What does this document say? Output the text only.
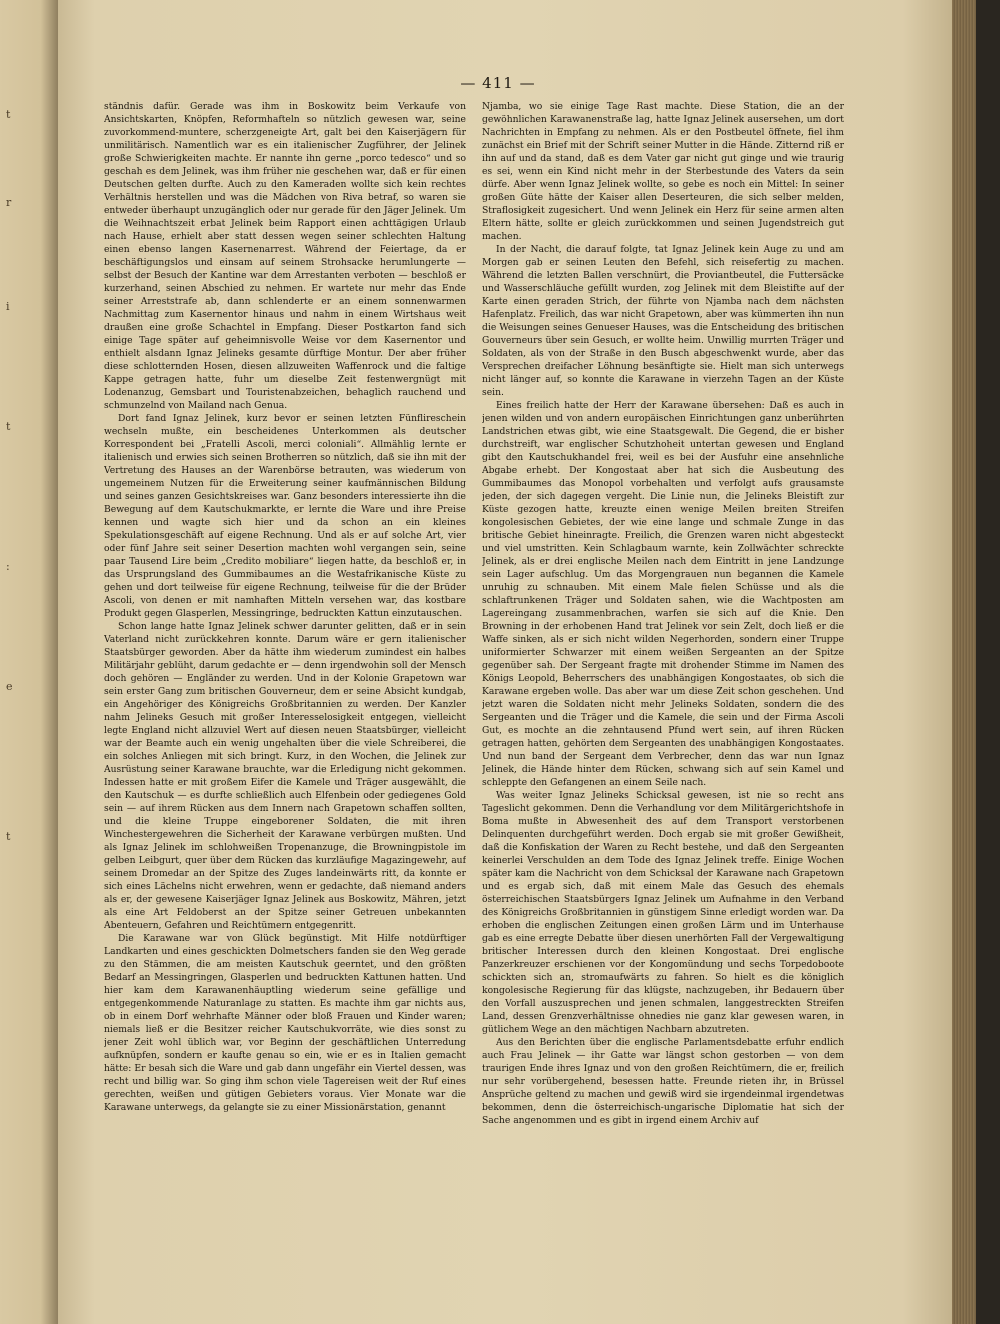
t
r
i
t
:
e
t
— 411 —

ständnis dafür. Gerade was ihm in Boskowitz beim Verkaufe von Ansichtskarten, Knöpfen, Reformhafteln so nützlich gewesen war, seine zuvorkommend-muntere, scherzgeneigte Art, galt bei den Kaiserjägern für unmilitärisch. Namentlich war es ein italienischer Zugführer, der Jelinek große Schwierigkeiten machte. Er nannte ihn gerne „porco tedesco“ und so geschah es dem Jelinek, was ihm früher nie geschehen war, daß er für einen Deutschen gelten durfte. Auch zu den Kameraden wollte sich kein rechtes Verhältnis herstellen und was die Mädchen von Riva betraf, so waren sie entweder überhaupt unzugänglich oder nur gerade für den Jäger Jelinek. Um die Weihnachtszeit erbat Jelinek beim Rapport einen achttägigen Urlaub nach Hause, erhielt aber statt dessen wegen seiner schlechten Haltung einen ebenso langen Kasernenarrest. Während der Feiertage, da er beschäftigungslos und einsam auf seinem Strohsacke herumlungerte — selbst der Besuch der Kantine war dem Arrestanten verboten — beschloß er kurzerhand, seinen Abschied zu nehmen. Er wartete nur mehr das Ende seiner Arreststrafe ab, dann schlenderte er an einem sonnenwarmen Nachmittag zum Kasernentor hinaus und nahm in einem Wirtshaus weit draußen eine große Schachtel in Empfang. Dieser Postkarton fand sich einige Tage später auf geheimnisvolle Weise vor dem Kasernentor und enthielt alsdann Ignaz Jelineks gesamte dürftige Montur. Der aber früher diese schlotternden Hosen, diesen allzuweiten Waffenrock und die faltige Kappe getragen hatte, fuhr um dieselbe Zeit festenwergnügt mit Lodenanzug, Gemsbart und Touristenabzeichen, behaglich rauchend und schmunzelnd von Mailand nach Genua.

Dort fand Ignaz Jelinek, kurz bevor er seinen letzten Fünflireschein wechseln mußte, ein bescheidenes Unterkommen als deutscher Korrespondent bei „Fratelli Ascoli, merci coloniali“. Allmählig lernte er italienisch und erwies sich seinen Brotherren so nützlich, daß sie ihn mit der Vertretung des Hauses an der Warenbörse betrauten, was wiederum von ungemeinem Nutzen für die Erweiterung seiner kaufmännischen Bildung und seines ganzen Gesichtskreises war. Ganz besonders interessierte ihn die Bewegung auf dem Kautschukmarkte, er lernte die Ware und ihre Preise kennen und wagte sich hier und da schon an ein kleines Spekulationsgeschäft auf eigene Rechnung. Und als er auf solche Art, vier oder fünf Jahre seit seiner Desertion machten wohl vergangen sein, seine paar Tausend Lire beim „Credito mobiliare“ liegen hatte, da beschloß er, in das Ursprungsland des Gummibaumes an die Westafrikanische Küste zu gehen und dort teilweise für eigene Rechnung, teilweise für die der Brüder Ascoli, von denen er mit namhaften Mitteln versehen war, das kostbare Produkt gegen Glasperlen, Messingringe, bedruckten Kattun einzutauschen.

Schon lange hatte Ignaz Jelinek schwer darunter gelitten, daß er in sein Vaterland nicht zurückkehren konnte. Darum wäre er gern italienischer Staatsbürger geworden. Aber da hätte ihm wiederum zumindest ein halbes Militärjahr geblüht, darum gedachte er — denn irgendwohin soll der Mensch doch gehören — Engländer zu werden. Und in der Kolonie Grapetown war sein erster Gang zum britischen Gouverneur, dem er seine Absicht kundgab, ein Angehöriger des Königreichs Großbritannien zu werden. Der Kanzler nahm Jelineks Gesuch mit großer Interesselosigkeit entgegen, vielleicht legte England nicht allzuviel Wert auf diesen neuen Staatsbürger, vielleicht war der Beamte auch ein wenig ungehalten über die viele Schreiberei, die ein solches Anliegen mit sich bringt. Kurz, in den Wochen, die Jelinek zur Ausrüstung seiner Karawane brauchte, war die Erledigung nicht gekommen. Indessen hatte er mit großem Eifer die Kamele und Träger ausgewählt, die den Kautschuk — es durfte schließlich auch Elfenbein oder gediegenes Gold sein — auf ihrem Rücken aus dem Innern nach Grapetown schaffen sollten, und die kleine Truppe eingeborener Soldaten, die mit ihren Winchestergewehren die Sicherheit der Karawane verbürgen mußten. Und als Ignaz Jelinek im schlohweißen Tropenanzuge, die Browningpistole im gelben Leibgurt, quer über dem Rücken das kurzläufige Magazingewehr, auf seinem Dromedar an der Spitze des Zuges landeinwärts ritt, da konnte er sich eines Lächelns nicht erwehren, wenn er gedachte, daß niemand anders als er, der gewesene Kaiserjäger Ignaz Jelinek aus Boskowitz, Mähren, jetzt als eine Art Feldoberst an der Spitze seiner Getreuen unbekannten Abenteuern, Gefahren und Reichtümern entgegenritt.

Die Karawane war von Glück begünstigt. Mit Hilfe notdürftiger Landkarten und eines geschickten Dolmetschers fanden sie den Weg gerade zu den Stämmen, die am meisten Kautschuk geerntet, und den größten Bedarf an Messingringen, Glasperlen und bedruckten Kattunen hatten. Und hier kam dem Karawanenhäuptling wiederum seine gefällige und entgegenkommende Naturanlage zu statten. Es machte ihm gar nichts aus, ob in einem Dorf wehrhafte Männer oder bloß Frauen und Kinder waren; niemals ließ er die Besitzer reicher Kautschukvorräte, wie dies sonst zu jener Zeit wohl üblich war, vor Beginn der geschäftlichen Unterredung aufknüpfen, sondern er kaufte genau so ein, wie er es in Italien gemacht hätte: Er besah sich die Ware und gab dann ungefähr ein Viertel dessen, was recht und billig war. So ging ihm schon viele Tagereisen weit der Ruf eines gerechten, weißen und gütigen Gebieters voraus. Vier Monate war die Karawane unterwegs, da gelangte sie zu einer Missionärstation, genannt

Njamba, wo sie einige Tage Rast machte. Diese Station, die an der gewöhnlichen Karawanenstraße lag, hatte Ignaz Jelinek ausersehen, um dort Nachrichten in Empfang zu nehmen. Als er den Postbeutel öffnete, fiel ihm zunächst ein Brief mit der Schrift seiner Mutter in die Hände. Zitternd riß er ihn auf und da stand, daß es dem Vater gar nicht gut ginge und wie traurig es sei, wenn ein Kind nicht mehr in der Sterbestunde des Vaters da sein dürfe. Aber wenn Ignaz Jelinek wollte, so gebe es noch ein Mittel: In seiner großen Güte hätte der Kaiser allen Deserteuren, die sich selber melden, Straflosigkeit zugesichert. Und wenn Jelinek ein Herz für seine armen alten Eltern hätte, sollte er gleich zurückkommen und seinen Jugendstreich gut machen.

In der Nacht, die darauf folgte, tat Ignaz Jelinek kein Auge zu und am Morgen gab er seinen Leuten den Befehl, sich reisefertig zu machen. Während die letzten Ballen verschnürt, die Proviantbeutel, die Futtersäcke und Wasserschläuche gefüllt wurden, zog Jelinek mit dem Bleistifte auf der Karte einen geraden Strich, der führte von Njamba nach dem nächsten Hafenplatz. Freilich, das war nicht Grapetown, aber was kümmerten ihn nun die Weisungen seines Genueser Hauses, was die Entscheidung des britischen Gouverneurs über sein Gesuch, er wollte heim. Unwillig murrten Träger und Soldaten, als von der Straße in den Busch abgeschwenkt wurde, aber das Versprechen dreifacher Löhnung besänftigte sie. Hielt man sich unterwegs nicht länger auf, so konnte die Karawane in vierzehn Tagen an der Küste sein.

Eines freilich hatte der Herr der Karawane übersehen: Daß es auch in jenen wilden und von andern europäischen Einrichtungen ganz unberührten Landstrichen etwas gibt, wie eine Staatsgewalt. Die Gegend, die er bisher durchstreift, war englischer Schutzhoheit untertan gewesen und England gibt den Kautschukhandel frei, weil es bei der Ausfuhr eine ansehnliche Abgabe erhebt. Der Kongostaat aber hat sich die Ausbeutung des Gummibaumes das Monopol vorbehalten und verfolgt aufs grausamste jeden, der sich dagegen vergeht. Die Linie nun, die Jelineks Bleistift zur Küste gezogen hatte, kreuzte einen wenige Meilen breiten Streifen kongolesischen Gebietes, der wie eine lange und schmale Zunge in das britische Gebiet hineinragte. Freilich, die Grenzen waren nicht abgesteckt und viel umstritten. Kein Schlagbaum warnte, kein Zollwächter schreckte Jelinek, als er drei englische Meilen nach dem Eintritt in jene Landzunge sein Lager aufschlug. Um das Morgengrauen nun begannen die Kamele unruhig zu schnauben. Mit einem Male fielen Schüsse und als die schlaftrunkenen Träger und Soldaten sahen, wie die Wachtposten am Lagereingang zusammenbrachen, warfen sie sich auf die Knie. Den Browning in der erhobenen Hand trat Jelinek vor sein Zelt, doch ließ er die Waffe sinken, als er sich nicht wilden Negerhorden, sondern einer Truppe uniformierter Schwarzer mit einem weißen Sergeanten an der Spitze gegenüber sah. Der Sergeant fragte mit drohender Stimme im Namen des Königs Leopold, Beherrschers des unabhängigen Kongostaates, ob sich die Karawane ergeben wolle. Das aber war um diese Zeit schon geschehen. Und jetzt waren die Soldaten nicht mehr Jelineks Soldaten, sondern die des Sergeanten und die Träger und die Kamele, die sein und der Firma Ascoli Gut, es mochte an die zehntausend Pfund wert sein, auf ihren Rücken getragen hatten, gehörten dem Sergeanten des unabhängigen Kongostaates. Und nun band der Sergeant dem Verbrecher, denn das war nun Ignaz Jelinek, die Hände hinter dem Rücken, schwang sich auf sein Kamel und schleppte den Gefangenen an einem Seile nach.

Was weiter Ignaz Jelineks Schicksal gewesen, ist nie so recht ans Tageslicht gekommen. Denn die Verhandlung vor dem Militärgerichtshofe in Boma mußte in Abwesenheit des auf dem Transport verstorbenen Delinquenten durchgeführt werden. Doch ergab sie mit großer Gewißheit, daß die Konfiskation der Waren zu Recht bestehe, und daß den Sergeanten keinerlei Verschulden an dem Tode des Ignaz Jelinek treffe. Einige Wochen später kam die Nachricht von dem Schicksal der Karawane nach Grapetown und es ergab sich, daß mit einem Male das Gesuch des ehemals österreichischen Staatsbürgers Ignaz Jelinek um Aufnahme in den Verband des Königreichs Großbritannien in günstigem Sinne erledigt worden war. Da erhoben die englischen Zeitungen einen großen Lärm und im Unterhause gab es eine erregte Debatte über diesen unerhörten Fall der Vergewaltigung britischer Interessen durch den kleinen Kongostaat. Drei englische Panzerkreuzer erschienen vor der Kongomündung und sechs Torpedoboote schickten sich an, stromaufwärts zu fahren. So hielt es die königlich kongolesische Regierung für das klügste, nachzugeben, ihr Bedauern über den Vorfall auszusprechen und jenen schmalen, langgestreckten Streifen Land, dessen Grenzverhältnisse ohnedies nie ganz klar gewesen waren, in gütlichem Wege an den mächtigen Nachbarn abzutreten.

Aus den Berichten über die englische Parlamentsdebatte erfuhr endlich auch Frau Jelinek — ihr Gatte war längst schon gestorben — von dem traurigen Ende ihres Ignaz und von den großen Reichtümern, die er, freilich nur sehr vorübergehend, besessen hatte. Freunde rieten ihr, in Brüssel Ansprüche geltend zu machen und gewiß wird sie irgendeinmal irgendetwas bekommen, denn die österreichisch-ungarische Diplomatie hat sich der Sache angenommen und es gibt in irgend einem Archiv auf
